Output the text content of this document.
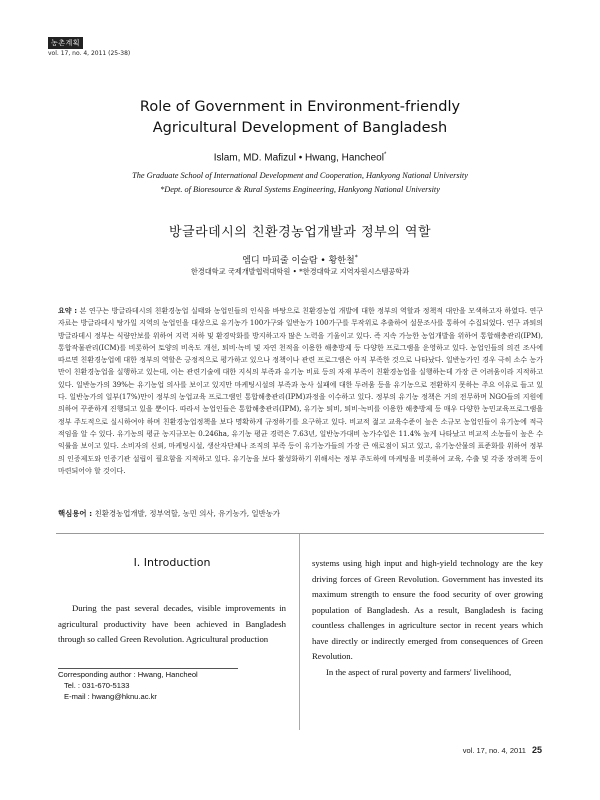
농촌계획
vol. 17, no. 4, 2011 (25-38)
Role of Government in Environment-friendly
Agricultural Development of Bangladesh
Islam, MD. Mafizul • Hwang, Hancheol*
The Graduate School of International Development and Cooperation, Hankyong National University
*Dept. of Bioresource & Rural Systems Engineering, Hankyong National University
방글라데시의 친환경농업개발과 정부의 역할
엠디 마피줄 이슬람 • 황한철*
한경대학교 국제개발협력대학원 • *한경대학교 지역자원시스템공학과
요약 : 본 연구는 방글라데시의 친환경농업 실태와 농업인들의 인식을 바탕으로 친환경농업 개발에 대한 정부의 역할과 정책적 대안을 모색하고자 하였다. 연구 자료는 방글라데시 탕가일 지역의 농업인을 대상으로 유기농가 100가구와 일반농가 100가구를 무작위로 추출하여 설문조사를 통하여 수집되었다. 연구 과퇴의 방글라데시 정부는 식량안보를 위하여 지력 저하 및 환경악화를 방지하고자 많은 노력을 기울이고 있다. 즉 지속 가능한 농업개발을 위하여 통합해충관리(IPM), 통합작물관리(ICM)를 비롯하여 토양의 비옥도 개선, 퇴비·녹비 및 자연 천적을 이용한 해충방제 등 다양한 프로그램을 운영하고 있다. 농업인들의 의견 조사에 따르면 친환경농업에 대한 정부의 역할은 긍정적으로 평가하고 있으나 정책이나 관련 프로그램은 아직 부족한 것으로 나타났다. 일반농가인 경우 극히 소수 농가만이 친환경농업을 실행하고 있는데, 이는 관련기술에 대한 지식의 부족과 유기농 비료 등의 자재 부족이 친환경농업을 실행하는데 가장 큰 어려움이라 지적하고 있다. 일반농가의 39%는 유기농업 의사를 보이고 있지만 마케팅시설의 부족과 농사 실패에 대한 두려움 등을 유기농으로 전환하지 못하는 주요 이유로 들고 있다. 일반농가의 일부(17%)만이 정부의 농업교육 프로그램인 통합해충관리(IPM)과정을 이수하고 있다. 정부의 유기농 정책은 거의 전무하며 NGO들의 지원에 의하여 꾸준하게 진행되고 있을 뿐이다. 따라서 농업인들은 통합해충관리(IPM), 유기농 퇴비, 퇴비·녹비를 이용한 해충방제 등 매우 다양한 농민교육프로그램을 정부 주도적으로 실시하여야 하며 친환경농업정책을 보다 명확하게 규정하기를 요구하고 있다. 비교적 젊고 교육수준이 높은 소규모 농업인들이 유기농에 적극적임을 알 수 있다. 유기농의 평균 농지규모는 0.246ha, 유기농 평균 경력은 7.63년, 일반농가대비 농가수입은 11.4% 높게 나타났고 비교적 소농들이 높은 수익률을 보이고 있다. 소비자의 신뢰, 마케팅시설, 생산자단체나 조직의 부족 등이 유기농가들의 가장 큰 애로점이 되고 있고, 유기농산물의 표준화를 위하여 정부의 인증제도와 인증기관 설립이 필요함을 지적하고 있다. 유기농을 보다 활성화하기 위해서는 정부 주도하에 마케팅을 비롯하여 교육, 수출 및 각종 장려책 등이 마련되어야 할 것이다.
핵심용어 : 친환경농업개발, 정부역할, 농민 의사, 유기농가, 일반농가
I. Introduction

During the past several decades, visible improvements in agricultural productivity have been achieved in Bangladesh through so called Green Revolution. Agricultural production

systems using high input and high-yield technology are the key driving forces of Green Revolution. Government has invested its maximum strength to ensure the food security of over growing population of Bangladesh. As a result, Bangladesh is facing countless challenges in agriculture sector in recent years which have directly or indirectly emerged from consequences of Green Revolution.

In the aspect of rural poverty and farmers' livelihood,

Corresponding author : Hwang, Hancheol
Tel. : 031-670-5133
E-mail : hwang@hknu.ac.kr
vol. 17, no. 4, 2011 25
